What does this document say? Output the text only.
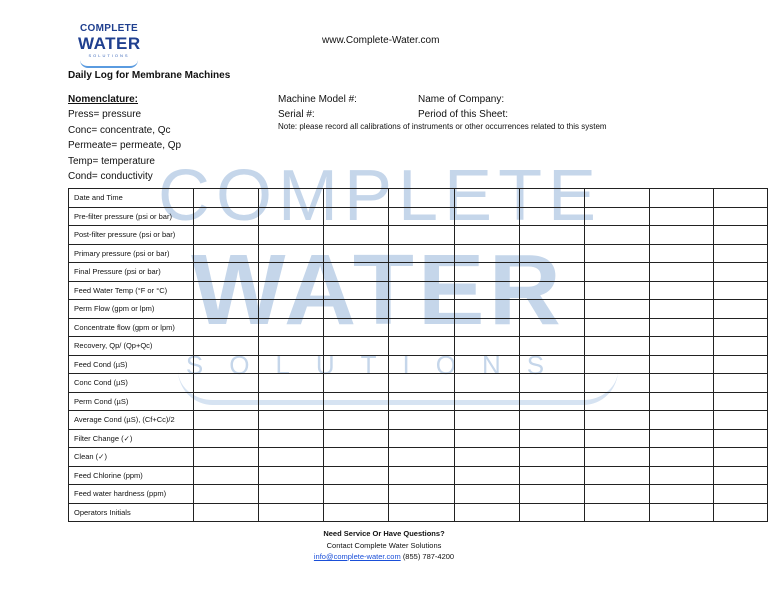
COMPLETE
WATER
SOLUTIONS
www.Complete-Water.com
Daily Log for Membrane Machines
Nomenclature:
Press= pressure
Conc= concentrate, Qc
Permeate= permeate, Qp
Temp= temperature
Cond= conductivity
Machine Model #:
Serial #:
Name of Company:
Period of this Sheet:
Note: please record all calibrations of instruments or other occurrences related to this system
COMPLETE
WATER
SOLUTIONS
Date and Time									
Pre-filter pressure (psi or bar)									
Post-filter pressure (psi or bar)									
Primary pressure (psi or bar)									
Final Pressure (psi or bar)									
Feed Water Temp (°F or °C)									
Perm Flow (gpm or lpm)									
Concentrate flow (gpm or lpm)									
Recovery, Qp/ (Qp+Qc)									
Feed Cond (µS)									
Conc Cond (µS)									
Perm Cond (µS)									
Average Cond (µS), (Cf+Cc)/2									
Filter Change (✓)									
Clean (✓)									
Feed Chlorine (ppm)									
Feed water hardness (ppm)									
Operators Initials									
Need Service Or Have Questions?
Contact Complete Water Solutions
info@complete-water.com (855) 787-4200
